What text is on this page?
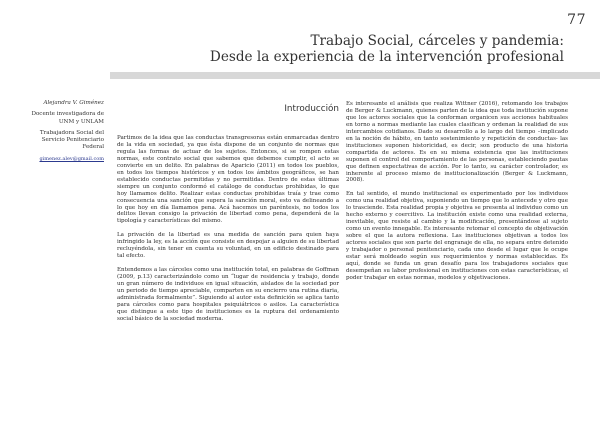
77
Trabajo Social, cárceles y pandemia:
Desde la experiencia de la intervención profesional
Alejandra V. Giménez
Docente investigadora de
UNM y UNLAM
Trabajadora Social del
Servicio Penitenciario
Federal
gimenez.alev@gmail.com
Introducción

Partimos de la idea que las conductas transgresoras están enmarcadas dentro de la vida en sociedad, ya que ésta dispone de un conjunto de normas que regula las formas de actuar de los sujetos. Entonces, si se rompen estas normas, este contrato social que sabemos que debemos cumplir, el acto se convierte en un delito. En palabras de Aparicio (2011) en todos los pueblos, en todos los tiempos históricos y en todos los ámbitos geográficos, se han establecido conductas permitidas y no permitidas. Dentro de estas últimas siempre un conjunto conformó el catálogo de conductas prohibidas, lo que hoy llamamos delito. Realizar estas conductas prohibidas traía y trae como consecuencia una sanción que supera la sanción moral, esto va delineando a lo que hoy en día llamamos pena. Acá hacemos un paréntesis, no todos los delitos llevan consigo la privación de libertad como pena, dependerá de la tipología y características del mismo.

La privación de la libertad es una medida de sanción para quien haya infringido la ley, es la acción que consiste en despojar a alguien de su libertad recluyéndola, sin tener en cuenta su voluntad, en un edificio destinado para tal efecto.

Entendemos a las cárceles como una institución total, en palabras de Goffman (2009, p.13) caracterizándolo como un “lugar de residencia y trabajo, donde un gran número de individuos en igual situación, aislados de la sociedad por un periodo de tiempo apreciable, comparten en su encierro una rutina diaria, administrada formalmente”. Siguiendo al autor esta definición se aplica tanto para cárceles como para hospitales psiquiátricos o asilos. La característica que distingue a este tipo de instituciones es la ruptura del ordenamiento social básico de la sociedad moderna.

Es interesante el análisis que realiza Wittner (2016), retomando los trabajos de Berger & Luckmann, quienes parten de la idea que toda institución supone que los actores sociales que la conforman organicen sus acciones habituales en torno a normas mediante las cuales clasifican y ordenan la realidad de sus intercambios cotidianos. Dado su desarrollo a lo largo del tiempo –implicado en la noción de hábito, en tanto sostenimiento y repetición de conductas- las instituciones suponen historicidad, es decir, son producto de una historia compartida de actores. Es en su misma existencia que las instituciones suponen el control del comportamiento de las personas, estableciendo pautas que definen expectativas de acción. Por lo tanto, su carácter controlador, es inherente al proceso mismo de institucionalización (Berger & Luckmann, 2008).

En tal sentido, el mundo institucional es experimentado por los individuos como una realidad objetiva, suponiendo un tiempo que lo antecede y otro que lo trasciende. Esta realidad propia y objetiva se presenta al individuo como un hecho externo y coercitivo. La institución existe como una realidad externa, inevitable, que resiste al cambio y la modificación, presentándose al sujeto como un evento innegable. Es interesante retomar el concepto de objetivación sobre el que la autora reflexiona. Las instituciones objetivan a todos los actores sociales que son parte del engranaje de ella, no separa entre detenido y trabajador o personal penitenciario, cada uno desde el lugar que le ocupe estar será moldeado según sus requerimientos y normas establecidas. Es aquí, donde se funda un gran desafío para los trabajadores sociales que desempeñan su labor profesional en instituciones con estas características, el poder trabajar en estas normas, modelos y objetivaciones.
